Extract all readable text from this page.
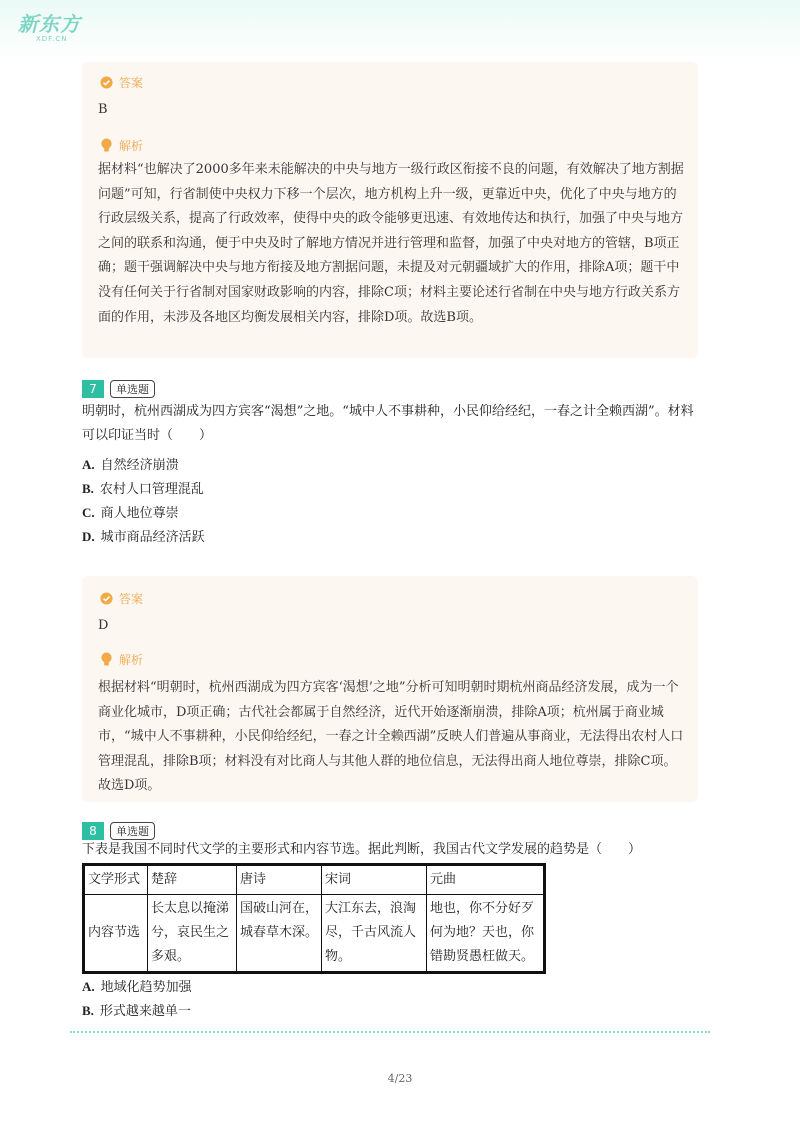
新东方
XDF.CN
答案
B
解析
据材料“也解决了2000多年来未能解决的中央与地方一级行政区衔接不良的问题，有效解决了地方割据问题”可知，行省制使中央权力下移一个层次，地方机构上升一级，更靠近中央，优化了中央与地方的行政层级关系，提高了行政效率，使得中央的政令能够更迅速、有效地传达和执行，加强了中央与地方之间的联系和沟通，便于中央及时了解地方情况并进行管理和监督，加强了中央对地方的管辖，B项正确；题干强调解决中央与地方衔接及地方割据问题，未提及对元朝疆域扩大的作用，排除A项；题干中没有任何关于行省制对国家财政影响的内容，排除C项；材料主要论述行省制在中央与地方行政关系方面的作用，未涉及各地区均衡发展相关内容，排除D项。故选B项。
7	单选题
明朝时，杭州西湖成为四方宾客“渴想”之地。“城中人不事耕种，小民仰给经纪，一春之计全赖西湖”。材料可以印证当时（　　）
A. 自然经济崩溃
B. 农村人口管理混乱
C. 商人地位尊崇
D. 城市商品经济活跃
答案
D
解析
根据材料“明朝时，杭州西湖成为四方宾客‘渴想’之地”分析可知明朝时期杭州商品经济发展，成为一个商业化城市，D项正确；古代社会都属于自然经济，近代开始逐渐崩溃，排除A项；杭州属于商业城市，“城中人不事耕种，小民仰给经纪，一春之计全赖西湖”反映人们普遍从事商业，无法得出农村人口管理混乱，排除B项；材料没有对比商人与其他人群的地位信息，无法得出商人地位尊崇，排除C项。故选D项。
8	单选题
下表是我国不同时代文学的主要形式和内容节选。据此判断，我国古代文学发展的趋势是（　　）
文学形式	楚辞	唐诗	宋词	元曲
内容节选	长太息以掩涕兮，哀民生之多艰。	国破山河在，城春草木深。	大江东去，浪淘尽，千古风流人物。	地也，你不分好歹何为地？天也，你错勘贤愚枉做天。
A. 地域化趋势加强
B. 形式越来越单一
4/23
